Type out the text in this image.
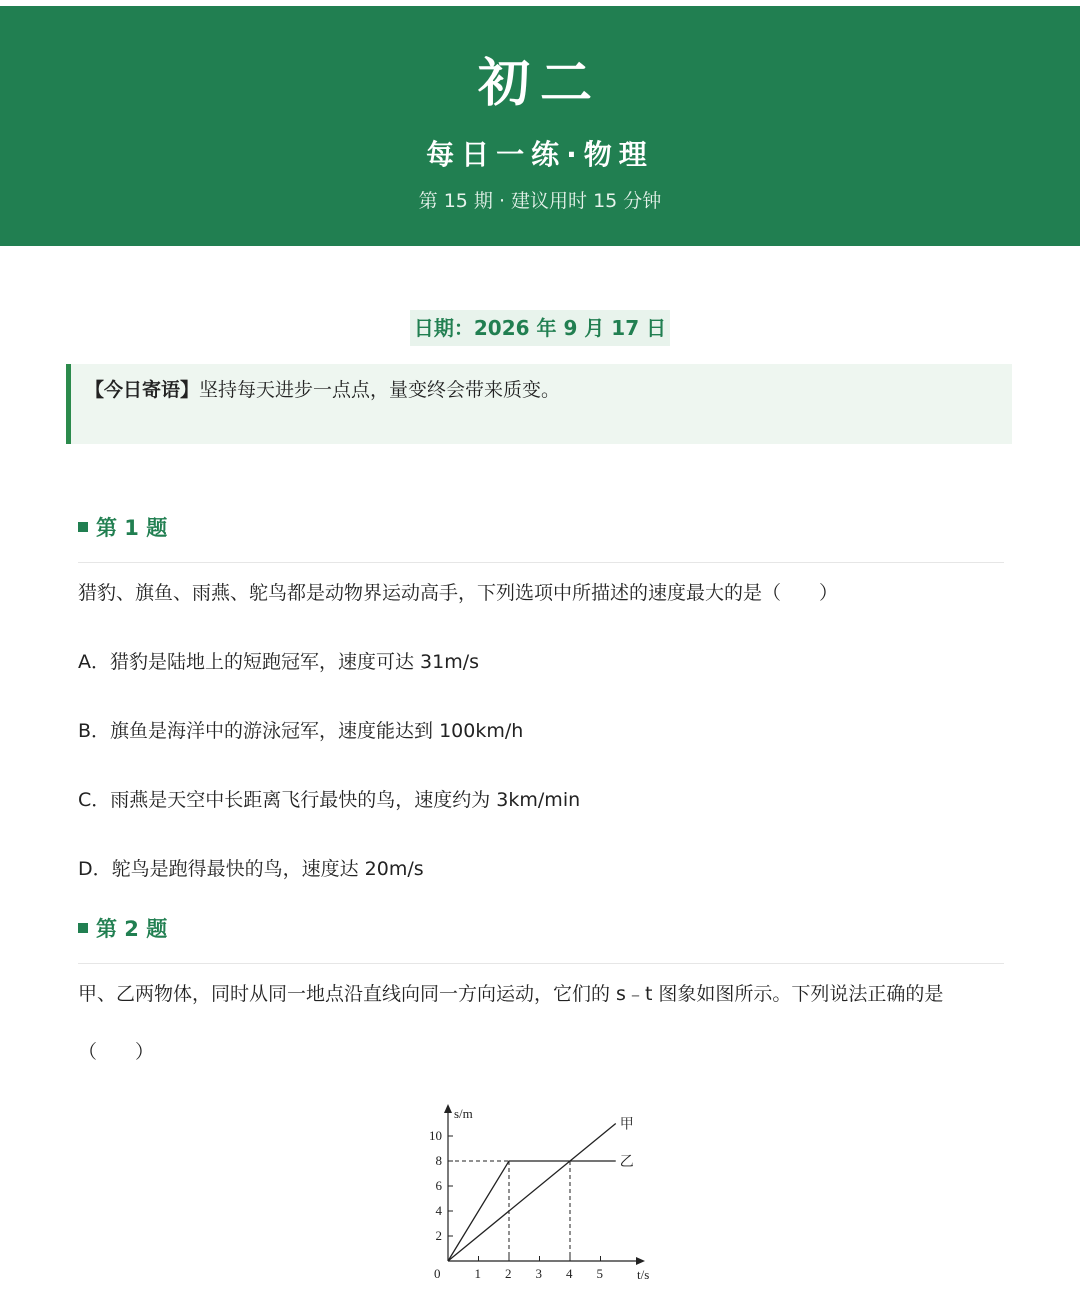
初二
每日一练·物理
第 15 期 · 建议用时 15 分钟
日期：2026 年 9 月 17 日
【今日寄语】坚持每天进步一点点，量变终会带来质变。
第 1 题
猎豹、旗鱼、雨燕、鸵鸟都是动物界运动高手，下列选项中所描述的速度最大的是（　　）
A．猎豹是陆地上的短跑冠军，速度可达 31m/s
B．旗鱼是海洋中的游泳冠军，速度能达到 100km/h
C．雨燕是天空中长距离飞行最快的鸟，速度约为 3km/min
D．鸵鸟是跑得最快的鸟，速度达 20m/s
第 2 题
甲、乙两物体，同时从同一地点沿直线向同一方向运动，它们的 s﹣t 图象如图所示。下列说法正确的是
（　　）
s/m
t/s
0	1 2 3 4 5
2
4
6
8
10
甲
乙
